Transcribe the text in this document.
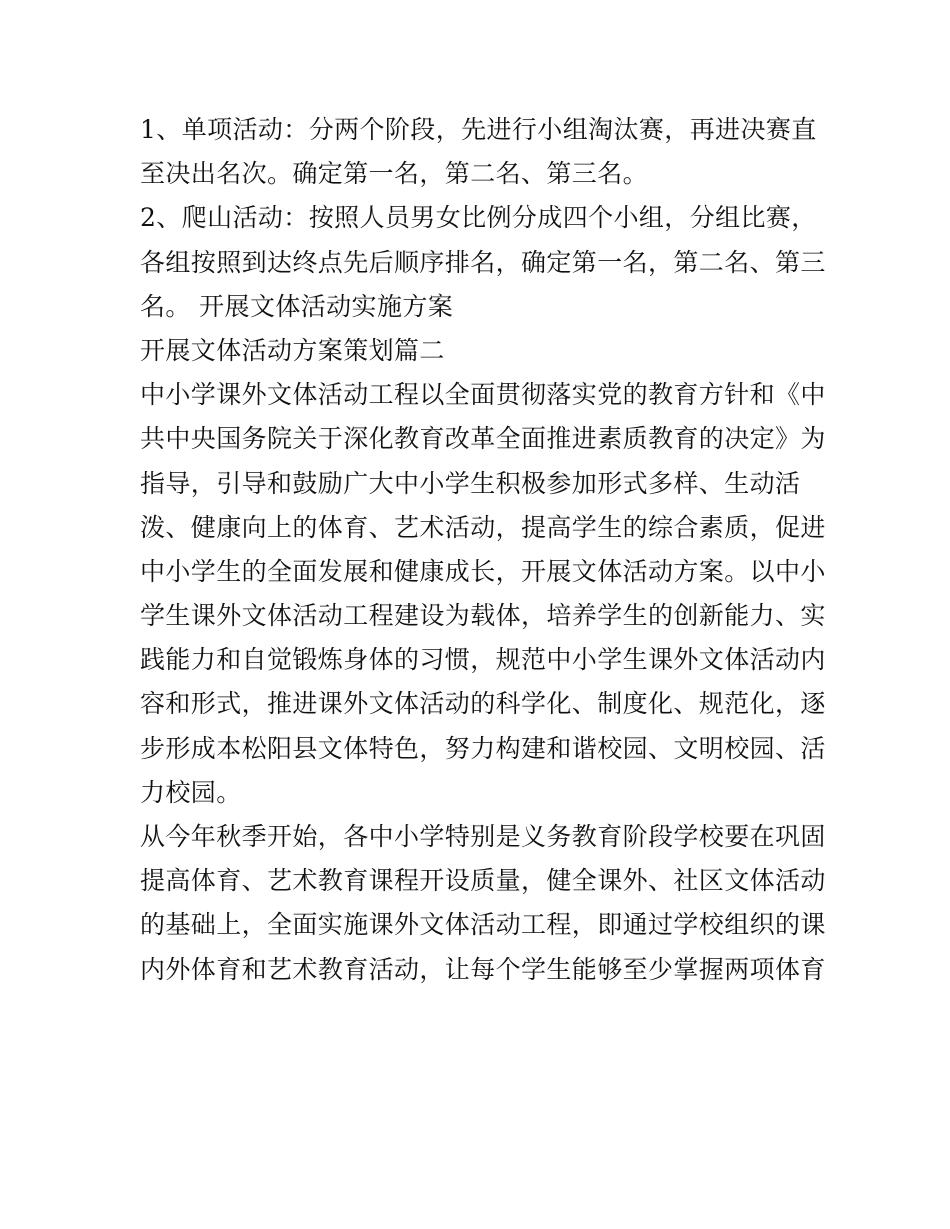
1、单项活动：分两个阶段，先进行小组淘汰赛，再进决赛直
至决出名次。确定第一名，第二名、第三名。
2、爬山活动：按照人员男女比例分成四个小组，分组比赛，
各组按照到达终点先后顺序排名，确定第一名，第二名、第三
名。 开展文体活动实施方案
开展文体活动方案策划篇二
中小学课外文体活动工程以全面贯彻落实党的教育方针和《中
共中央国务院关于深化教育改革全面推进素质教育的决定》为
指导，引导和鼓励广大中小学生积极参加形式多样、生动活
泼、健康向上的体育、艺术活动，提高学生的综合素质，促进
中小学生的全面发展和健康成长，开展文体活动方案。以中小
学生课外文体活动工程建设为载体，培养学生的创新能力、实
践能力和自觉锻炼身体的习惯，规范中小学生课外文体活动内
容和形式，推进课外文体活动的科学化、制度化、规范化，逐
步形成本松阳县文体特色，努力构建和谐校园、文明校园、活
力校园。
从今年秋季开始，各中小学特别是义务教育阶段学校要在巩固
提高体育、艺术教育课程开设质量，健全课外、社区文体活动
的基础上，全面实施课外文体活动工程，即通过学校组织的课
内外体育和艺术教育活动，让每个学生能够至少掌握两项体育
